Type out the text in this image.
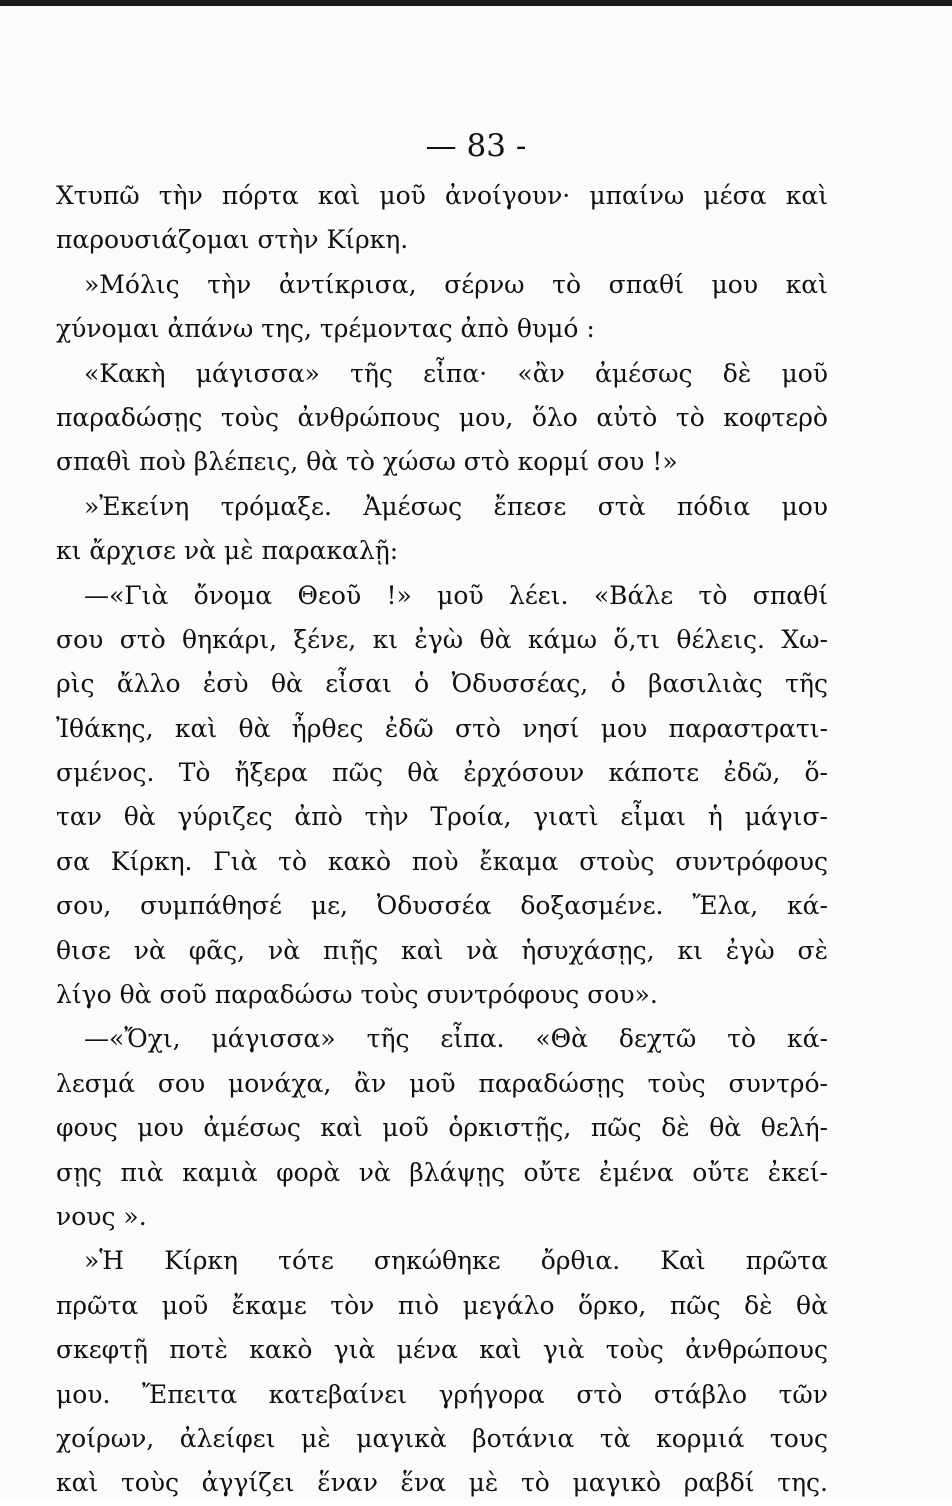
— 83 -
Χτυπῶ τὴν πόρτα καὶ μοῦ ἀνοίγουν· μπαίνω μέσα καὶ
παρουσιάζομαι στὴν Κίρκη.
»Μόλις τὴν ἀντίκρισα, σέρνω τὸ σπαθί μου καὶ
χύνομαι ἀπάνω της, τρέμοντας ἀπὸ θυμό :
«Κακὴ μάγισσα» τῆς εἶπα· «ἂν ἀμέσως δὲ μοῦ
παραδώσῃς τοὺς ἀνθρώπους μου, ὅλο αὐτὸ τὸ κοφτερὸ
σπαθὶ ποὺ βλέπεις, θὰ τὸ χώσω στὸ κορμί σου !»
»Ἐκείνη τρόμαξε. Ἀμέσως ἔπεσε στὰ πόδια μου
κι ἄρχισε νὰ μὲ παρακαλῇ:
—«Γιὰ ὄνομα Θεοῦ !» μοῦ λέει. «Βάλε τὸ σπαθί
σου στὸ θηκάρι, ξένε, κι ἐγὼ θὰ κάμω ὅ,τι θέλεις. Χω-
ρὶς ἄλλο ἐσὺ θὰ εἶσαι ὁ Ὀδυσσέας, ὁ βασιλιὰς τῆς
Ἰθάκης, καὶ θὰ ἦρθες ἐδῶ στὸ νησί μου παραστρατι-
σμένος. Τὸ ἤξερα πῶς θὰ ἐρχόσουν κάποτε ἐδῶ, ὅ-
ταν θὰ γύριζες ἀπὸ τὴν Τροία, γιατὶ εἶμαι ἡ μάγισ-
σα Κίρκη. Γιὰ τὸ κακὸ ποὺ ἔκαμα στοὺς συντρόφους
σου, συμπάθησέ με, Ὀδυσσέα δοξασμένε. Ἔλα, κά-
θισε νὰ φᾶς, νὰ πιῇς καὶ νὰ ἡσυχάσῃς, κι ἐγὼ σὲ
λίγο θὰ σοῦ παραδώσω τοὺς συντρόφους σου».
—«Ὄχι, μάγισσα» τῆς εἶπα. «Θὰ δεχτῶ τὸ κά-
λεσμά σου μονάχα, ἂν μοῦ παραδώσῃς τοὺς συντρό-
φους μου ἀμέσως καὶ μοῦ ὁρκιστῇς, πῶς δὲ θὰ θελή-
σῃς πιὰ καμιὰ φορὰ νὰ βλάψῃς οὔτε ἐμένα οὔτε ἐκεί-
νους ».
»Ἡ Κίρκη τότε σηκώθηκε ὄρθια. Καὶ πρῶτα
πρῶτα μοῦ ἔκαμε τὸν πιὸ μεγάλο ὅρκο, πῶς δὲ θὰ
σκεφτῇ ποτὲ κακὸ γιὰ μένα καὶ γιὰ τοὺς ἀνθρώπους
μου. Ἔπειτα κατεβαίνει γρήγορα στὸ στάβλο τῶν
χοίρων, ἀλείφει μὲ μαγικὰ βοτάνια τὰ κορμιά τους
καὶ τοὺς ἀγγίζει ἕναν ἕνα μὲ τὸ μαγικὸ ραβδί της.
